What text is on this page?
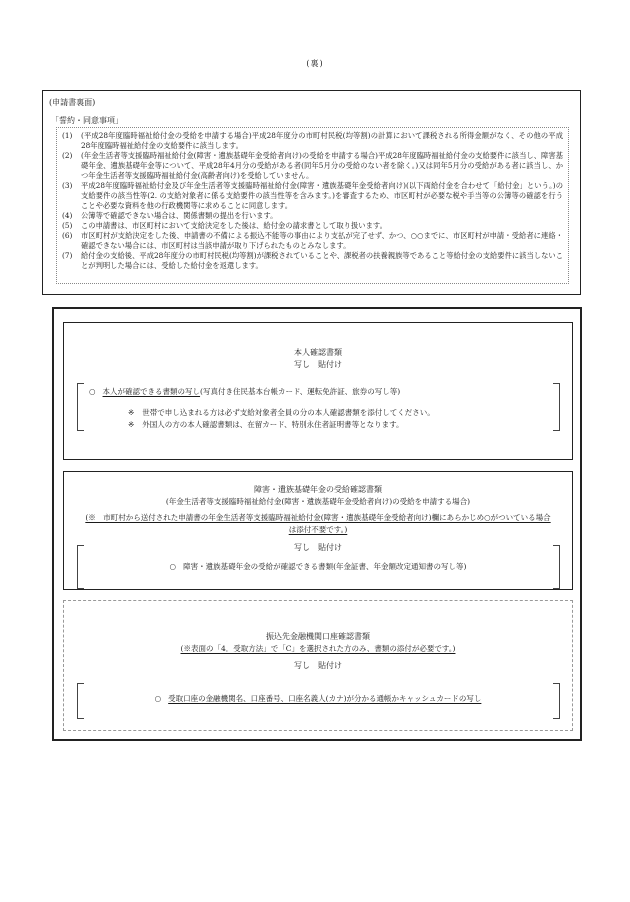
(裏)
(申請書裏面)
「誓約・同意事項」
(1)	(平成28年度臨時福祉給付金の受給を申請する場合)平成28年度分の市町村民税(均等割)の計算において課税される所得金額がなく、その他の平成28年度臨時福祉給付金の支給要件に該当します。
(2)	(年金生活者等支援臨時福祉給付金(障害・遺族基礎年金受給者向け)の受給を申請する場合)平成28年度臨時福祉給付金の支給要件に該当し、障害基礎年金、遺族基礎年金等について、平成28年4月分の受給がある者(同年5月分の受給のない者を除く。)又は同年5月分の受給がある者に該当し、かつ年金生活者等支援臨時福祉給付金(高齢者向け)を受給していません。
(3)	平成28年度臨時福祉給付金及び年金生活者等支援臨時福祉給付金(障害・遺族基礎年金受給者向け)(以下両給付金を合わせて「給付金」という。)の支給要件の該当性等(2. の支給対象者に係る支給要件の該当性等を含みます。)を審査するため、市区町村が必要な税や手当等の公簿等の確認を行うことや必要な資料を他の行政機関等に求めることに同意します。
(4)	公簿等で確認できない場合は、関係書類の提出を行います。
(5)	この申請書は、市区町村において支給決定をした後は、給付金の請求書として取り扱います。
(6)	市区町村が支給決定をした後、申請書の不備による振込不能等の事由により支払が完了せず、かつ、○○までに、市区町村が申請・受給者に連絡・確認できない場合には、市区町村は当該申請が取り下げられたものとみなします。
(7)	給付金の支給後、平成28年度分の市町村民税(均等割)が課税されていることや、課税者の扶養親族等であること等給付金の支給要件に該当しないことが判明した場合には、受給した給付金を返還します。
本人確認書類
写し　貼付け
○ 本人が確認できる書類の写し(写真付き住民基本台帳カード、運転免許証、旅券の写し等)
※ 世帯で申し込まれる方は必ず支給対象者全員の分の本人確認書類を添付してください。
※ 外国人の方の本人確認書類は、在留カード、特別永住者証明書等となります。
障害・遺族基礎年金の受給確認書類
(年金生活者等支援臨時福祉給付金(障害・遺族基礎年金受給者向け)の受給を申請する場合)
(※　市町村から送付された申請書の年金生活者等支援臨時福祉給付金(障害・遺族基礎年金受給者向け)欄にあらかじめ○がついている場合は添付不要です。)
写し　貼付け
○ 障害・遺族基礎年金の受給が確認できる書類(年金証書、年金額改定通知書の写し等)
振込先金融機関口座確認書類
(※表面の「4．受取方法」で「C」を選択された方のみ、書類の添付が必要です。)
写し　貼付け
○ 受取口座の金融機関名、口座番号、口座名義人(カナ)が分かる通帳かキャッシュカードの写し
